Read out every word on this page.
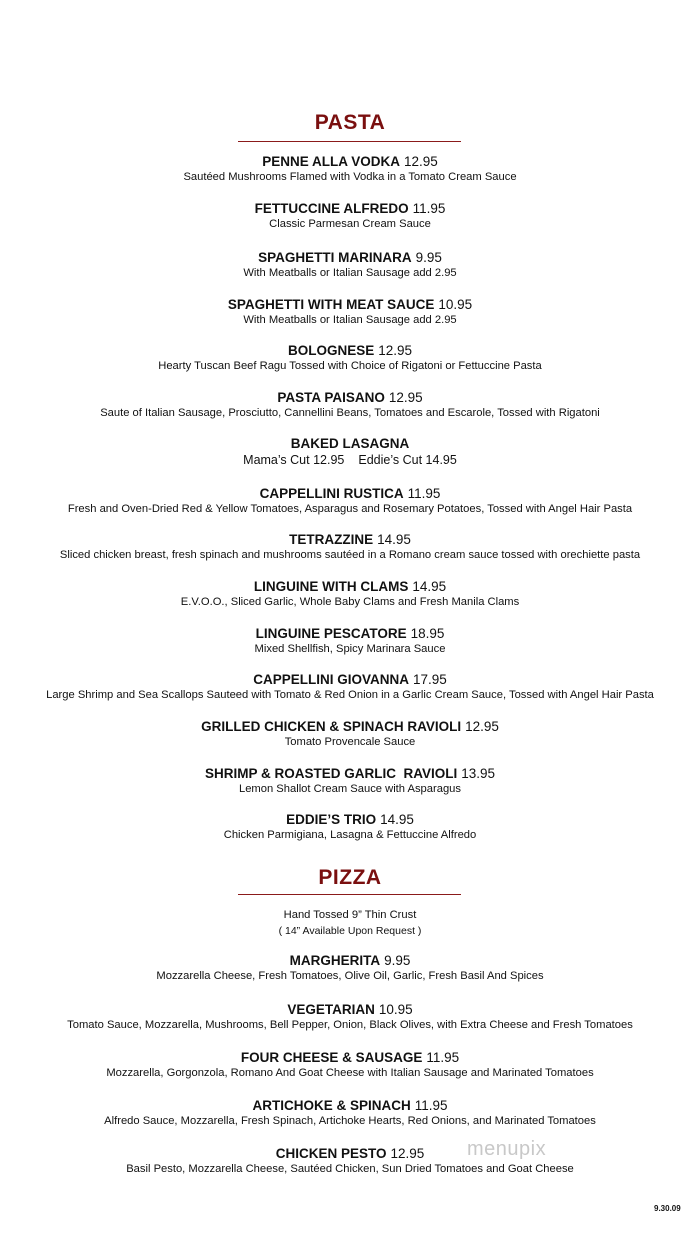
PASTA
PENNE ALLA VODKA 12.95
Sautéed Mushrooms Flamed with Vodka in a Tomato Cream Sauce
FETTUCCINE ALFREDO 11.95
Classic Parmesan Cream Sauce
SPAGHETTI MARINARA 9.95
With Meatballs or Italian Sausage add 2.95
SPAGHETTI WITH MEAT SAUCE 10.95
With Meatballs or Italian Sausage add 2.95
BOLOGNESE 12.95
Hearty Tuscan Beef Ragu Tossed with Choice of Rigatoni or Fettuccine Pasta
PASTA PAISANO 12.95
Saute of Italian Sausage, Prosciutto, Cannellini Beans, Tomatoes and Escarole, Tossed with Rigatoni
BAKED LASAGNA
Mama’s Cut 12.95 Eddie’s Cut 14.95
CAPPELLINI RUSTICA 11.95
Fresh and Oven-Dried Red & Yellow Tomatoes, Asparagus and Rosemary Potatoes, Tossed with Angel Hair Pasta
TETRAZZINE 14.95
Sliced chicken breast, fresh spinach and mushrooms sautéed in a Romano cream sauce tossed with orechiette pasta
LINGUINE WITH CLAMS 14.95
E.V.O.O., Sliced Garlic, Whole Baby Clams and Fresh Manila Clams
LINGUINE PESCATORE 18.95
Mixed Shellfish, Spicy Marinara Sauce
CAPPELLINI GIOVANNA 17.95
Large Shrimp and Sea Scallops Sauteed with Tomato & Red Onion in a Garlic Cream Sauce, Tossed with Angel Hair Pasta
GRILLED CHICKEN & SPINACH RAVIOLI 12.95
Tomato Provencale Sauce
SHRIMP & ROASTED GARLIC  RAVIOLI 13.95
Lemon Shallot Cream Sauce with Asparagus
EDDIE’S TRIO 14.95
Chicken Parmigiana, Lasagna & Fettuccine Alfredo
PIZZA
Hand Tossed 9” Thin Crust
( 14” Available Upon Request )
MARGHERITA 9.95
Mozzarella Cheese, Fresh Tomatoes, Olive Oil, Garlic, Fresh Basil And Spices
VEGETARIAN 10.95
Tomato Sauce, Mozzarella, Mushrooms, Bell Pepper, Onion, Black Olives, with Extra Cheese and Fresh Tomatoes
FOUR CHEESE & SAUSAGE 11.95
Mozzarella, Gorgonzola, Romano And Goat Cheese with Italian Sausage and Marinated Tomatoes
ARTICHOKE & SPINACH 11.95
Alfredo Sauce, Mozzarella, Fresh Spinach, Artichoke Hearts, Red Onions, and Marinated Tomatoes
CHICKEN PESTO 12.95
Basil Pesto, Mozzarella Cheese, Sautéed Chicken, Sun Dried Tomatoes and Goat Cheese
menupix
9.30.09
